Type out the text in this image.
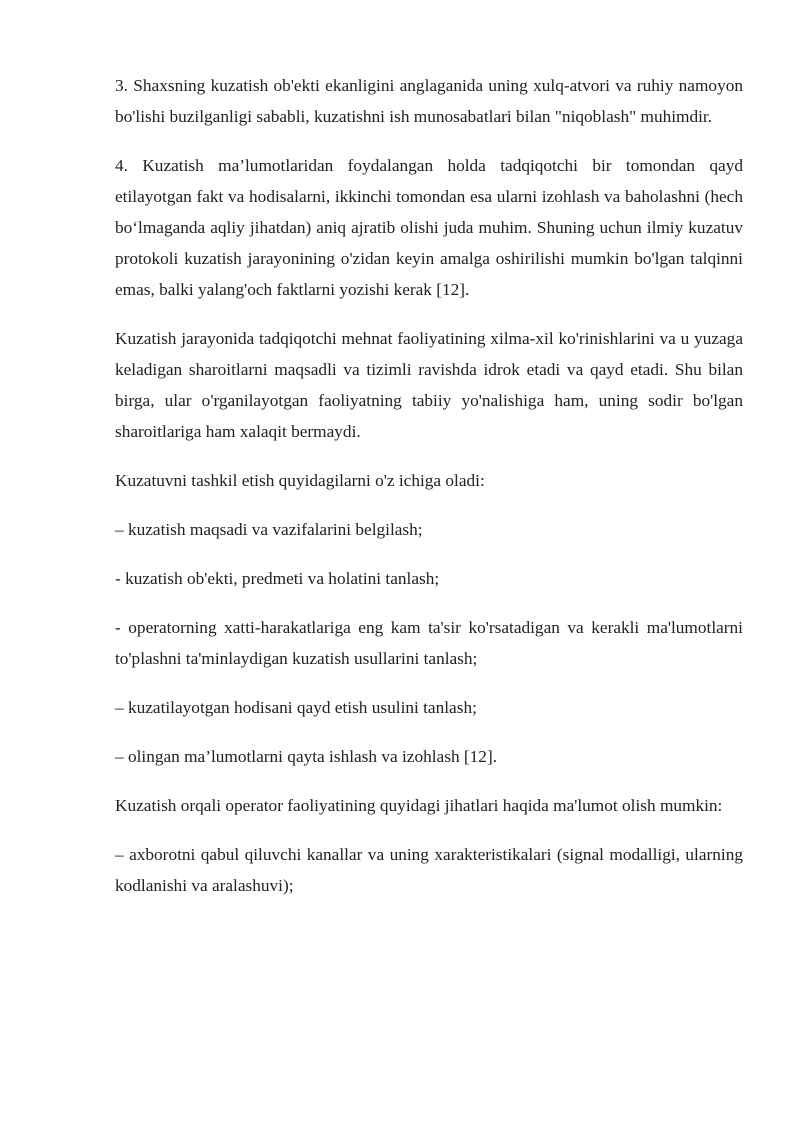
3. Shaxsning kuzatish ob'ekti ekanligini anglaganida uning xulq-atvori va ruhiy namoyon bo'lishi buzilganligi sababli, kuzatishni ish munosabatlari bilan "niqoblash" muhimdir.

4. Kuzatish ma’lumotlaridan foydalangan holda tadqiqotchi bir tomondan qayd etilayotgan fakt va hodisalarni, ikkinchi tomondan esa ularni izohlash va baholashni (hech bo‘lmaganda aqliy jihatdan) aniq ajratib olishi juda muhim. Shuning uchun ilmiy kuzatuv protokoli kuzatish jarayonining o'zidan keyin amalga oshirilishi mumkin bo'lgan talqinni emas, balki yalang'och faktlarni yozishi kerak [12].

Kuzatish jarayonida tadqiqotchi mehnat faoliyatining xilma-xil ko'rinishlarini va u yuzaga keladigan sharoitlarni maqsadli va tizimli ravishda idrok etadi va qayd etadi. Shu bilan birga, ular o'rganilayotgan faoliyatning tabiiy yo'nalishiga ham, uning sodir bo'lgan sharoitlariga ham xalaqit bermaydi.

Kuzatuvni tashkil etish quyidagilarni o'z ichiga oladi:

– kuzatish maqsadi va vazifalarini belgilash;

- kuzatish ob'ekti, predmeti va holatini tanlash;

- operatorning xatti-harakatlariga eng kam ta'sir ko'rsatadigan va kerakli ma'lumotlarni to'plashni ta'minlaydigan kuzatish usullarini tanlash;

– kuzatilayotgan hodisani qayd etish usulini tanlash;

– olingan ma’lumotlarni qayta ishlash va izohlash [12].

Kuzatish orqali operator faoliyatining quyidagi jihatlari haqida ma'lumot olish mumkin:

– axborotni qabul qiluvchi kanallar va uning xarakteristikalari (signal modalligi, ularning kodlanishi va aralashuvi);
